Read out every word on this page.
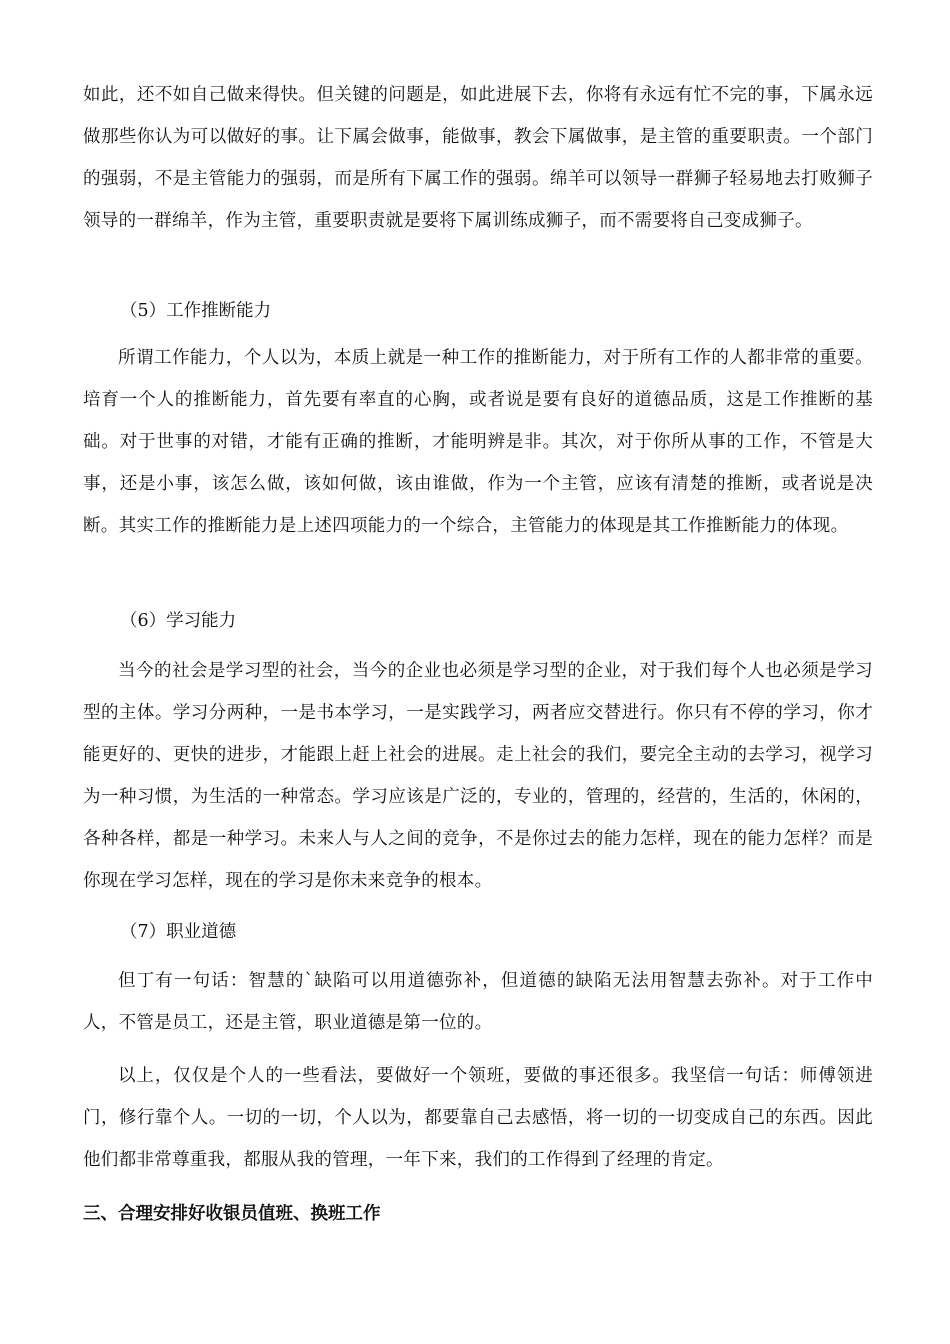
如此，还不如自己做来得快。但关键的问题是，如此进展下去，你将有永远有忙不完的事，下属永远做那些你认为可以做好的事。让下属会做事，能做事，教会下属做事，是主管的重要职责。一个部门的强弱，不是主管能力的强弱，而是所有下属工作的强弱。绵羊可以领导一群狮子轻易地去打败狮子领导的一群绵羊，作为主管，重要职责就是要将下属训练成狮子，而不需要将自己变成狮子。

（5）工作推断能力

所谓工作能力，个人以为，本质上就是一种工作的推断能力，对于所有工作的人都非常的重要。培育一个人的推断能力，首先要有率直的心胸，或者说是要有良好的道德品质，这是工作推断的基础。对于世事的对错，才能有正确的推断，才能明辨是非。其次，对于你所从事的工作，不管是大事，还是小事，该怎么做，该如何做，该由谁做，作为一个主管，应该有清楚的推断，或者说是决断。其实工作的推断能力是上述四项能力的一个综合，主管能力的体现是其工作推断能力的体现。

（6）学习能力

当今的社会是学习型的社会，当今的企业也必须是学习型的企业，对于我们每个人也必须是学习型的主体。学习分两种，一是书本学习，一是实践学习，两者应交替进行。你只有不停的学习，你才能更好的、更快的进步，才能跟上赶上社会的进展。走上社会的我们，要完全主动的去学习，视学习为一种习惯，为生活的一种常态。学习应该是广泛的，专业的，管理的，经营的，生活的，休闲的，各种各样，都是一种学习。未来人与人之间的竞争，不是你过去的能力怎样，现在的能力怎样？而是你现在学习怎样，现在的学习是你未来竞争的根本。

（7）职业道德

但丁有一句话：智慧的`缺陷可以用道德弥补，但道德的缺陷无法用智慧去弥补。对于工作中人，不管是员工，还是主管，职业道德是第一位的。

以上，仅仅是个人的一些看法，要做好一个领班，要做的事还很多。我坚信一句话：师傅领进门，修行靠个人。一切的一切，个人以为，都要靠自己去感悟，将一切的一切变成自己的东西。因此他们都非常尊重我，都服从我的管理，一年下来，我们的工作得到了经理的肯定。

三、合理安排好收银员值班、换班工作
